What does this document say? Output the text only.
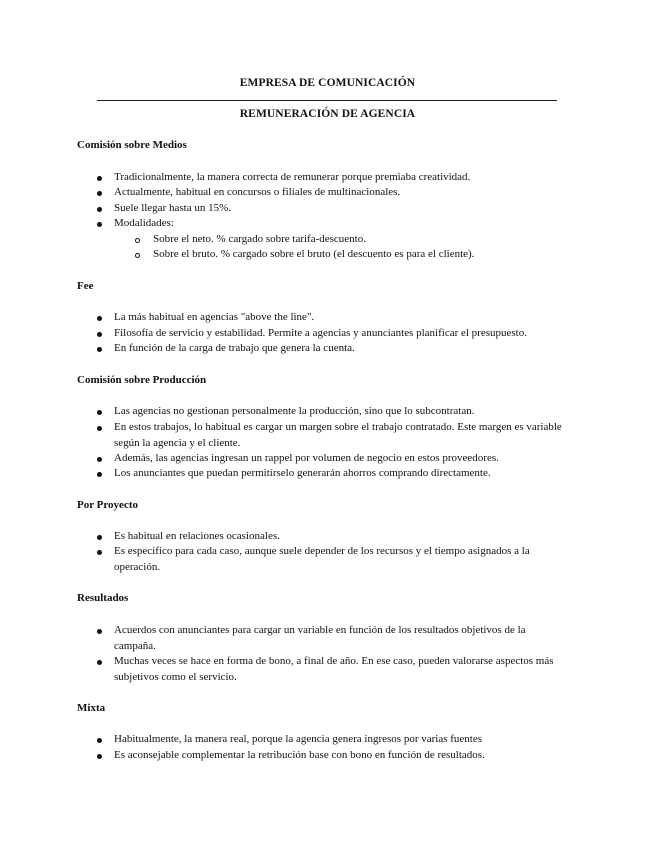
EMPRESA DE COMUNICACIÓN
REMUNERACIÓN DE AGENCIA
Comisión sobre Medios
Tradicionalmente, la manera correcta de remunerar porque premiaba creatividad.
Actualmente, habitual en concursos o filiales de multinacionales.
Suele llegar hasta un 15%.
Modalidades:
Sobre el neto. % cargado sobre tarifa-descuento.
Sobre el bruto. % cargado sobre el bruto (el descuento es para el cliente).
Fee
La más habitual en agencias "above the line".
Filosofía de servicio y estabilidad. Permite a agencias y anunciantes planificar el presupuesto.
En función de la carga de trabajo que genera la cuenta.
Comisión sobre Producción
Las agencias no gestionan personalmente la producción, sino que lo subcontratan.
En estos trabajos, lo habitual es cargar un margen sobre el trabajo contratado. Este margen es variable según la agencia y el cliente.
Además, las agencias ingresan un rappel por volumen de negocio en estos proveedores.
Los anunciantes que puedan permitírselo generarán ahorros comprando directamente.
Por Proyecto
Es habitual en relaciones ocasionales.
Es específico para cada caso, aunque suele depender de los recursos y el tiempo asignados a la operación.
Resultados
Acuerdos con anunciantes para cargar un variable en función de los resultados objetivos de la campaña.
Muchas veces se hace en forma de bono, a final de año. En ese caso, pueden valorarse aspectos más subjetivos como el servicio.
Mixta
Habitualmente, la manera real, porque la agencia genera ingresos por varias fuentes
Es aconsejable complementar la retribución base con bono en función de resultados.
